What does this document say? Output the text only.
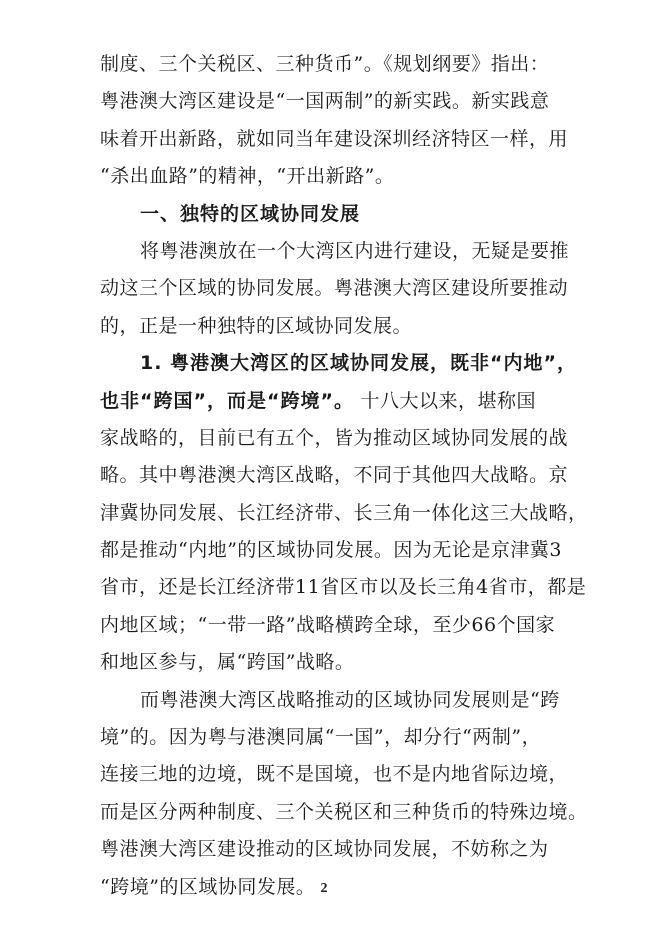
制度、三个关税区、三种货币”。《规划纲要》指出：
粤港澳大湾区建设是“一国两制”的新实践。新实践意
味着开出新路，就如同当年建设深圳经济特区一样，用
“杀出血路”的精神，“开出新路”。
一、独特的区域协同发展
将粤港澳放在一个大湾区内进行建设，无疑是要推
动这三个区域的协同发展。粤港澳大湾区建设所要推动
的，正是一种独特的区域协同发展。
1. 粤港澳大湾区的区域协同发展，既非“内地”，
也非“跨国”，而是“跨境”。 十八大以来，堪称国
家战略的，目前已有五个，皆为推动区域协同发展的战
略。其中粤港澳大湾区战略，不同于其他四大战略。京
津冀协同发展、长江经济带、长三角一体化这三大战略，
都是推动“内地”的区域协同发展。因为无论是京津冀3
省市，还是长江经济带11省区市以及长三角4省市，都是
内地区域；“一带一路”战略横跨全球，至少66个国家
和地区参与，属“跨国”战略。
而粤港澳大湾区战略推动的区域协同发展则是“跨
境”的。因为粤与港澳同属“一国”，却分行“两制”，
连接三地的边境，既不是国境，也不是内地省际边境，
而是区分两种制度、三个关税区和三种货币的特殊边境。
粤港澳大湾区建设推动的区域协同发展，不妨称之为
“跨境”的区域协同发展。 2
